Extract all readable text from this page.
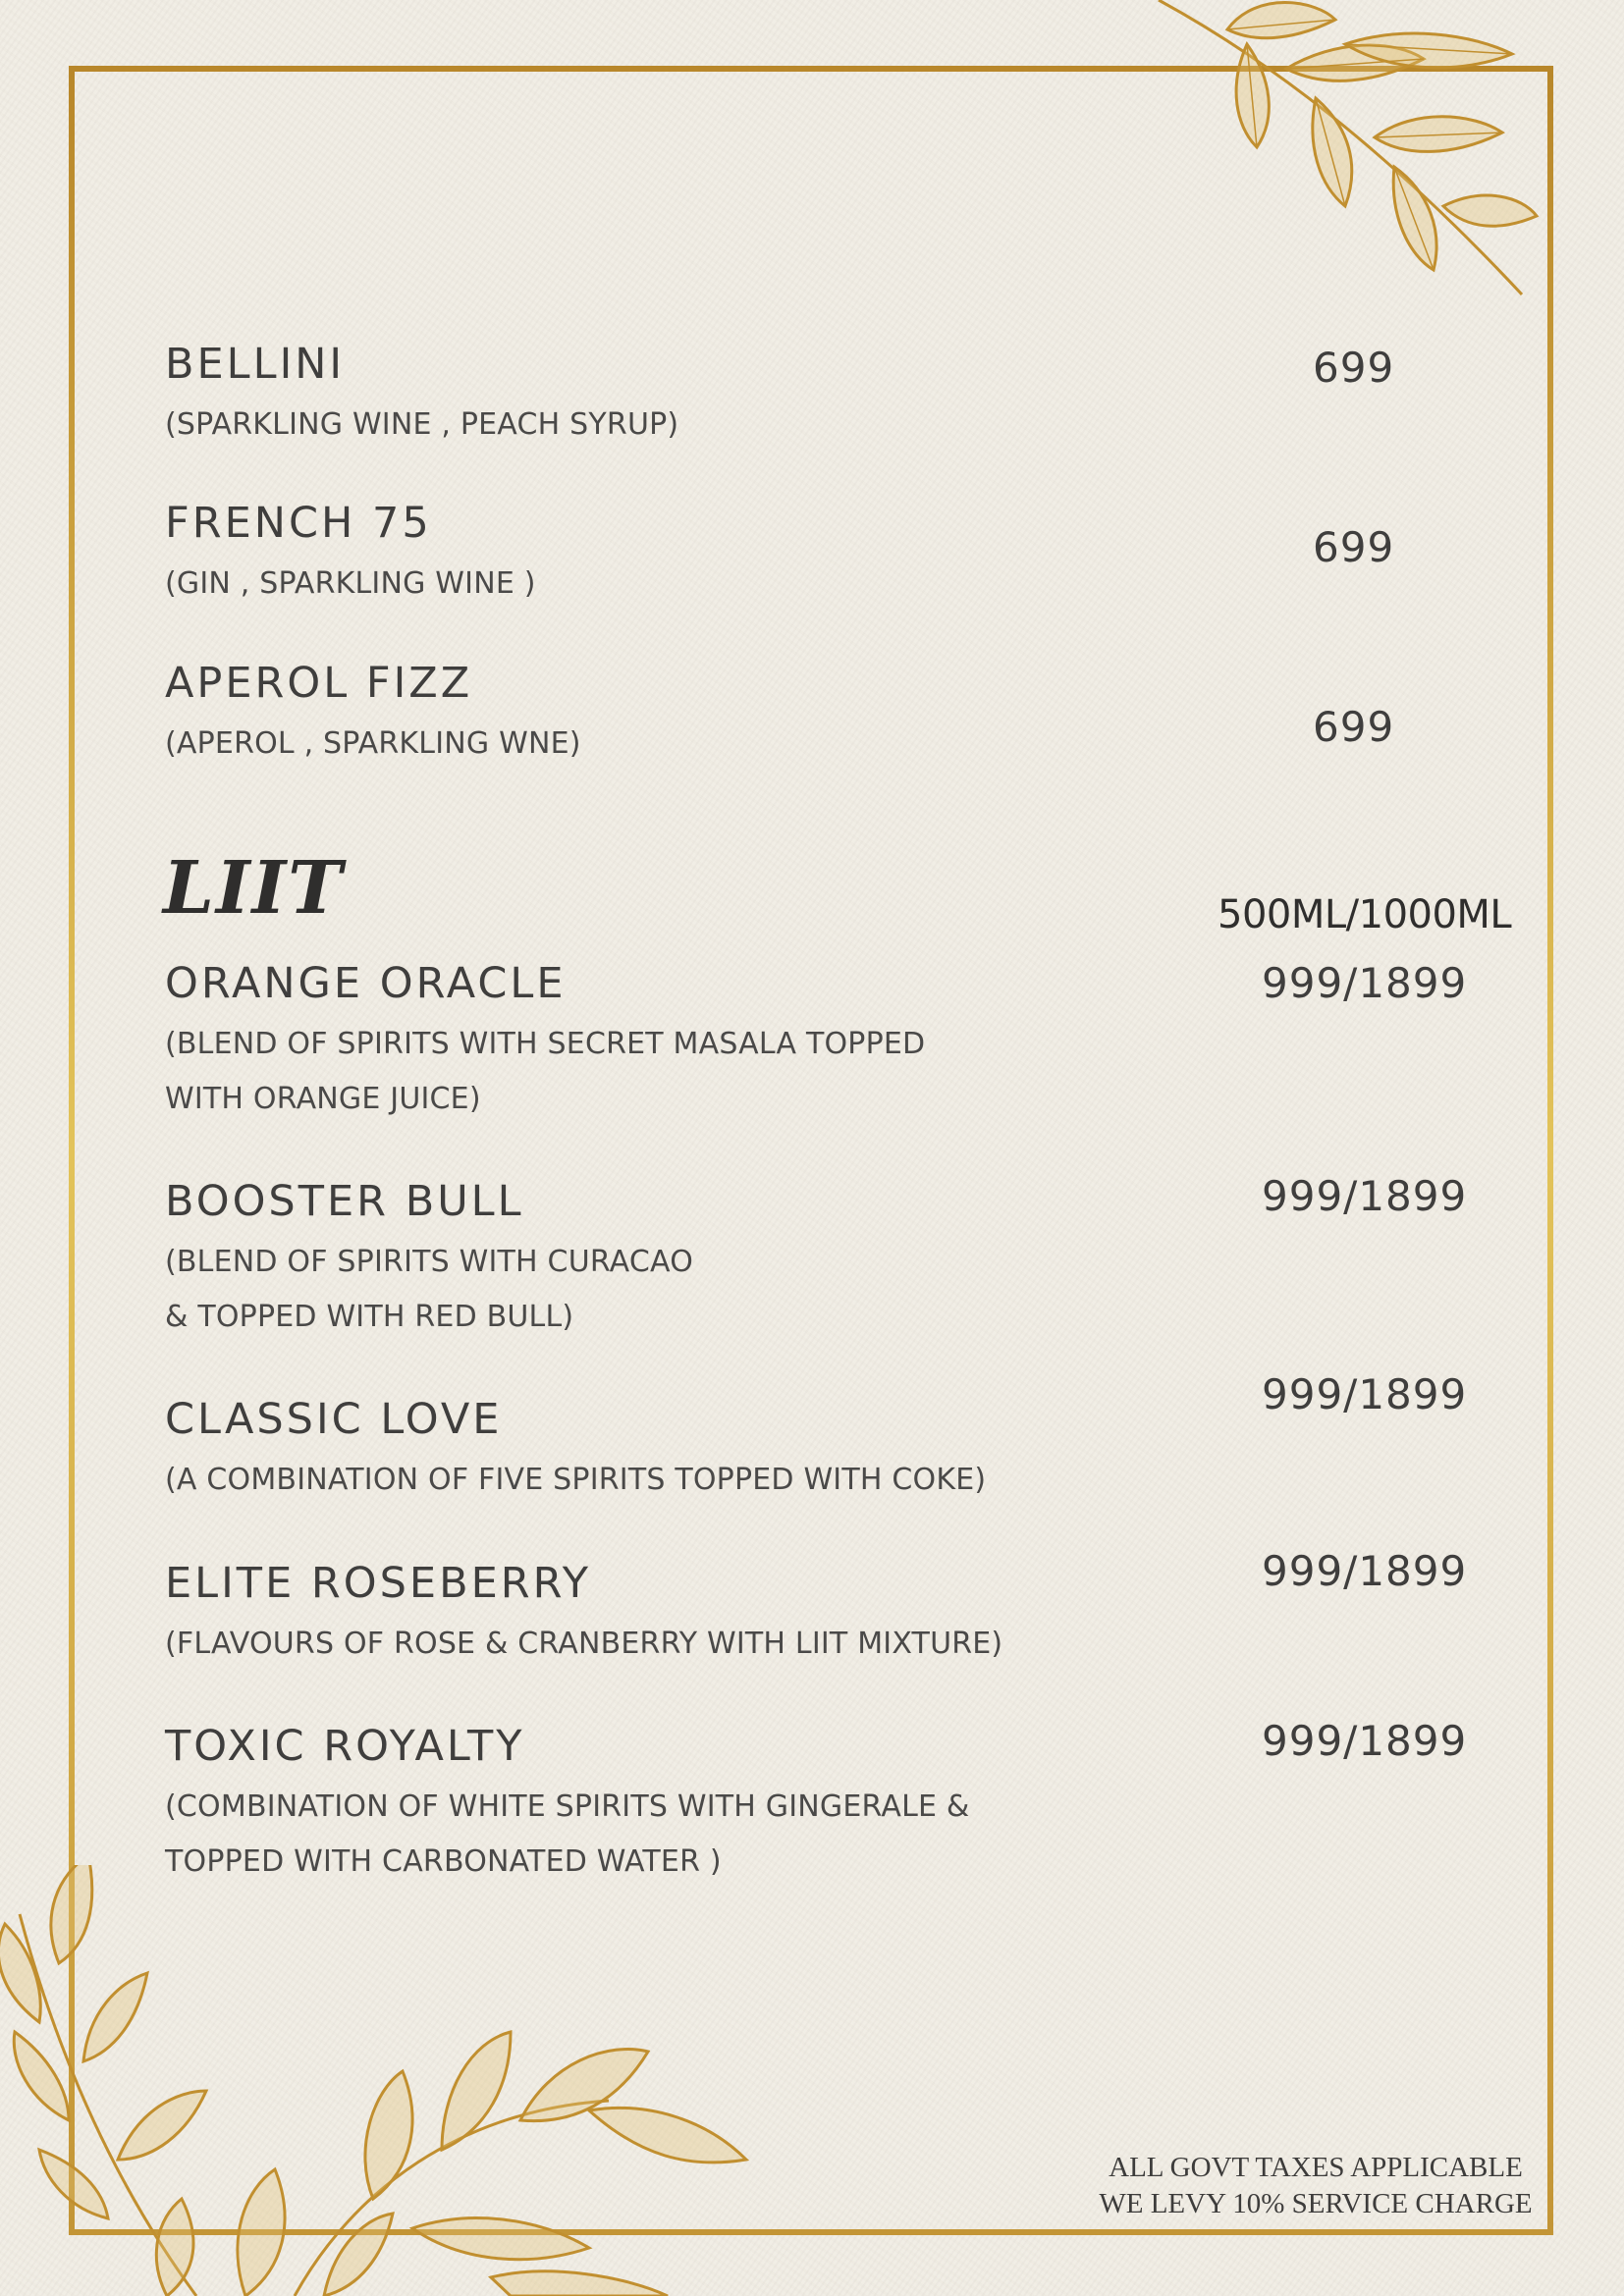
BELLINI
(SPARKLING WINE , PEACH SYRUP)
699
FRENCH 75
(GIN , SPARKLING WINE )
699
APEROL FIZZ
(APEROL , SPARKLING WNE)	699
LIIT	500ML/1000ML
ORANGE ORACLE
(BLEND OF SPIRITS WITH SECRET MASALA TOPPED
WITH ORANGE JUICE)
999/1899
BOOSTER BULL
(BLEND OF SPIRITS WITH CURACAO
& TOPPED WITH RED BULL)
999/1899
CLASSIC LOVE
(A COMBINATION OF FIVE SPIRITS TOPPED WITH COKE)
999/1899
ELITE ROSEBERRY
(FLAVOURS OF ROSE & CRANBERRY WITH LIIT MIXTURE)
999/1899
TOXIC ROYALTY
(COMBINATION OF WHITE SPIRITS WITH GINGERALE &
TOPPED WITH CARBONATED WATER )
999/1899
ALL GOVT TAXES APPLICABLE
WE LEVY 10% SERVICE CHARGE
